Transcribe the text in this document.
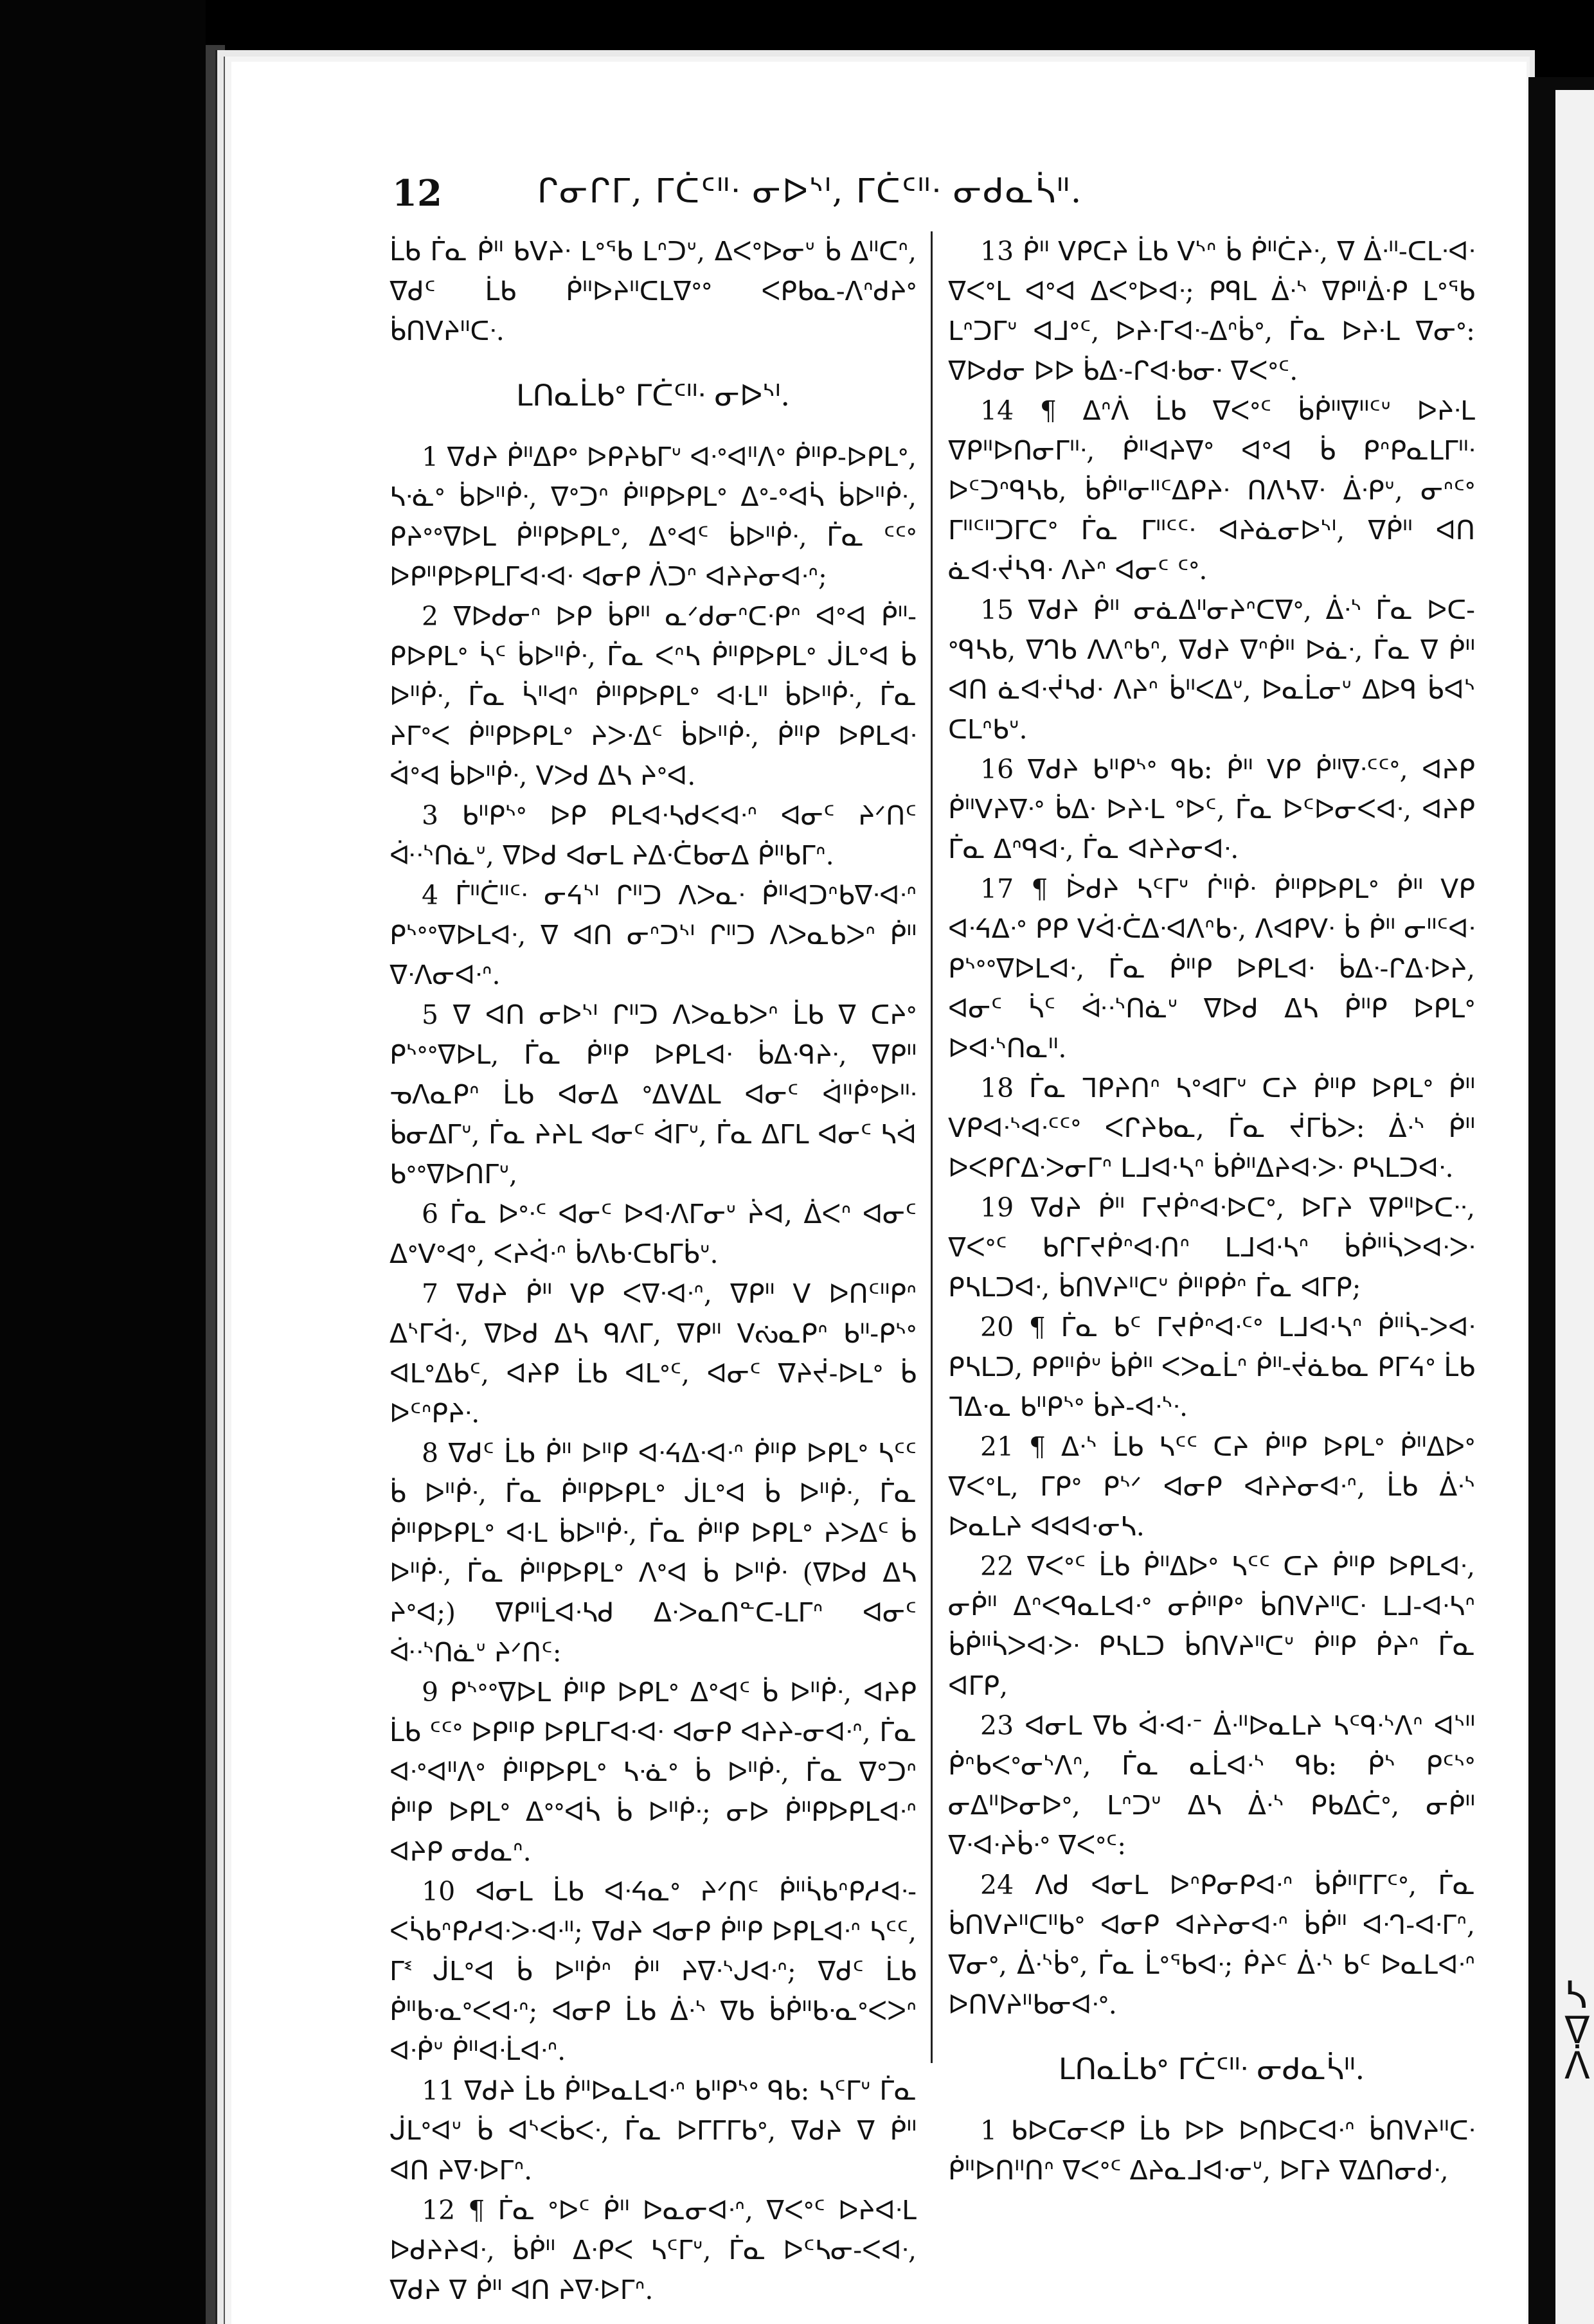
12	ᒋᓂᒋᒥ, ᒥᑖᑦᐦᐧ ᓂᐅᔅᑊ, ᒥᑖᑦᐦᐧ ᓂᑯᓇᓵᐦ.

ᒫᑲ ᒦᓇ ᑮᐦ ᑲᐯᔨᐧ ᒪᐤᖃ ᒪᐢᑐᐡ, ᐃᐸᐤᐅᓂᐡ ᑳ ᐃᐦᑕᐢ, ᐁᑯᑦ ᒫᑲ ᑮᐦᐅᔨᐦᑕᒪᐁᐤᐤ ᐸᑭᑲᓇ-ᐱᐢᑯᔨᐤ ᑳᑎᐯᔨᐦᑕᐧ.

ᒪᑎᓇᒫᑲᐤ ᒥᑖᑦᐦᐧ ᓂᐅᔅᑊ.

1 ᐁᑯᔨ ᑮᐦᐃᑭᐤ ᐅᑭᔨᑲᒥᐡ ᐊᐧᐤᐊᐦᐱᐤ ᑮᐦᑭ-ᐅᑭᒪᐤ, ᓴᐧᓈᐤ ᑳᐅᐦᑮᐧ, ᐁᐤᑐᐢ ᑮᐦᑭᐅᑭᒪᐤ ᐃᐤ-ᐤᐊᓵ ᑳᐅᐦᑮᐧ, ᑭᔨᐤᐤᐁᐅᒪ ᑮᐦᑭᐅᑭᒪᐤ, ᐃᐤᐊᑦ ᑳᐅᐦᑮᐧ, ᒦᓇ ᑦᑦᐤ ᐅᑭᐦᑭᐅᑭᒪᒥᐊᐧᐊᐧ ᐊᓂᑭ ᐲᑐᐢ ᐊᔨᔨᓂᐊᐧᐢ;

2 ᐁᐅᑯᓂᐢ ᐅᑭ ᑳᑭᐦ ᓇᐟᑯᓂᐢᑕᐧᑭᐢ ᐊᐤᐊ ᑮᐦ-ᑭᐅᑭᒪᐤ ᓵᑦ ᑳᐅᐦᑮᐧ, ᒦᓇ ᐸᐢᓴ ᑮᐦᑭᐅᑭᒪᐤ ᒎᒪᐤᐊ ᑳ ᐅᐦᑮᐧ, ᒦᓇ ᓵᐦᐊᐢ ᑮᐦᑭᐅᑭᒪᐤ ᐊᐧᒪᐦ ᑳᐅᐦᑮᐧ, ᒦᓇ ᔨᒥᐤᐸ ᑮᐦᑭᐅᑭᒪᐤ ᔨᐳᐧᐃᑦ ᑳᐅᐦᑮᐧ, ᑮᐦᑭ ᐅᑭᒪᐊᐧ ᐋᐤᐊ ᑳᐅᐦᑮᐧ, ᐯᐳᑯ ᐃᓴ ᔨᐤᐊ.

3 ᑲᐦᑭᔅᐤ ᐅᑭ ᑭᒪᐊᐧᓴᑯᐸᐊᐧᐢ ᐊᓂᑦ ᔨᐟᑎᑦ ᐚᐧᔅᑎᓈᐡ, ᐁᐅᑯ ᐊᓂᒪ ᔨᐃᐧᑖᑲᓂᐃ ᑮᐦᑲᒥᐢ.

4 ᒦᐦᑖᐦᑦᐧ ᓂᔦᔅᑊ ᒋᐦᑐ ᐱᐳᓇᐧ ᑮᐦᐊᑐᐢᑲᐁᐧᐊᐧᐢ ᑭᔅᐤᐤᐁᐅᒪᐊᐧ, ᐁ ᐊᑎ ᓂᐢᑐᔅᑊ ᒋᐦᑐ ᐱᐳᓇᑲᐳᐢ ᑮᐦ ᐁᐧᐱᓂᐊᐧᐢ.

5 ᐁ ᐊᑎ ᓂᐅᔅᑊ ᒋᐦᑐ ᐱᐳᓇᑲᐳᐢ ᒫᑲ ᐁ ᑕᔨᐤ ᑭᔅᐤᐤᐁᐅᒪ, ᒦᓇ ᑮᐦᑭ ᐅᑭᒪᐊᐧ ᑳᐃᐧᑫᔨᐧ, ᐁᑭᐦ ᓀᐱᓇᑭᐢ ᒫᑲ ᐊᓂᐃ ᐤᐃᐯᐃᒪ ᐊᓂᑦ ᐋᐦᑮᐤᐅᐦᐧ ᑳᓂᐃᒥᐡ, ᒦᓇ ᔨᔨᒪ ᐊᓂᑦ ᐋᒥᐡ, ᒦᓇ ᐃᒥᒪ ᐊᓂᑦ ᓴᐋ ᑲᐤᐤᐁᐅᑎᒥᐡ,

6 ᒦᓇ ᐅᐤᐧᑦ ᐊᓂᑦ ᐅᐊᐧᐱᒥᓂᐡ ᔩᐊ, ᐄᐸᐢ ᐊᓂᑦ ᐃᐤᐯᐤᐊᐤ, ᐸᔨᐋᐧᐢ ᑳᐱᑲᐧᑕᑲᒥᑳᐡ.

7 ᐁᑯᔨ ᑮᐦ ᐯᑭ ᐸᐁᐧᐊᐧᐢ, ᐁᑭᐦ ᐯ ᐅᑎᑦᐦᑭᐢ ᐃᔅᒥᐋᐧ, ᐁᐅᑯ ᐃᓴ ᑫᐱᒥ, ᐁᑭᐦ ᐯᔔᓇᑭᐢ ᑲᐦ-ᑭᔅᐤ ᐊᒪᐤᐃᑲᑦ, ᐊᔨᑭ ᒫᑲ ᐊᒪᐤᑦ, ᐊᓂᑦ ᐁᔨᔫ-ᐅᒪᐤ ᑳ ᐅᑦᐢᑭᔨᐧ.

8 ᐁᑯᑦ ᒫᑲ ᑮᐦ ᐅᐦᑭ ᐊᐧᔦᐃᐧᐊᐧᐢ ᑮᐦᑭ ᐅᑭᒪᐤ ᓴᑦᑦ ᑳ ᐅᐦᑮᐧ, ᒦᓇ ᑮᐦᑭᐅᑭᒪᐤ ᒎᒪᐤᐊ ᑳ ᐅᐦᑮᐧ, ᒦᓇ ᑮᐦᑭᐅᑭᒪᐤ ᐊᐧᒪ ᑳᐅᐦᑮᐧ, ᒦᓇ ᑮᐦᑭ ᐅᑭᒪᐤ ᔨᐳᐃᑦ ᑳ ᐅᐦᑮᐧ, ᒦᓇ ᑮᐦᑭᐅᑭᒪᐤ ᐱᐤᐊ ᑳ ᐅᐦᑮᐧ (ᐁᐅᑯ ᐃᓴ ᔨᐤᐊ;) ᐁᑭᐦᒫᐊᐧᓴᑯ ᐃᐧᐳᓇᑎᓐᑕ-ᒪᒥᐢ ᐊᓂᑦ ᐚᐧᔅᑎᓈᐡ ᔨᐟᑎᑦ:

9 ᑭᔅᐤᐤᐁᐅᒪ ᑮᐦᑭ ᐅᑭᒪᐤ ᐃᐤᐊᑦ ᑳ ᐅᐦᑮᐧ, ᐊᔨᑭ ᒫᑲ ᑦᑦᐤ ᐅᑭᐦᑭ ᐅᑭᒪᒥᐊᐧᐊᐧ ᐊᓂᑭ ᐊᔨᔨ-ᓂᐊᐧᐢ, ᒦᓇ ᐊᐧᐤᐊᐦᐱᐤ ᑮᐦᑭᐅᑭᒪᐤ ᓴᐧᓈᐤ ᑳ ᐅᐦᑮᐧ, ᒦᓇ ᐁᐤᑐᐢ ᑮᐦᑭ ᐅᑭᒪᐤ ᐃᐤᐤᐊᓵ ᑳ ᐅᐦᑮᐧ; ᓂᐅ ᑮᐦᑭᐅᑭᒪᐊᐧᐢ ᐊᔨᑭ ᓂᑯᓇᐢ.

10 ᐊᓂᒪ ᒫᑲ ᐊᐧᔦᓇᐤ ᔨᐟᑎᑦ ᑮᐦᓵᑲᐢᑭᓱᐊᐧ-ᐸᓵᑲᐢᑭᓱᐊᐧᐳᐧᐊᐧᐦ; ᐁᑯᔨ ᐊᓂᑭ ᑮᐦᑭ ᐅᑭᒪᐊᐧᐢ ᓴᑦᑦ, ᒥᓫ ᒎᒪᐤᐊ ᑳ ᐅᐦᑮᐢ ᑮᐦ ᔨᐁᐧᔅᒍᐊᐧᐢ; ᐁᑯᑦ ᒫᑲ ᑮᐦᑲᐧᓇᐤᐸᐊᐧᐢ; ᐊᓂᑭ ᒫᑲ ᐄᐧᔅ ᐁᑲ ᑳᑮᐦᑲᐧᓇᐤᐸᐳᐢ ᐊᐧᑮᐡ ᑮᐦᐊᐧᒫᐊᐧᐢ.

11 ᐁᑯᔨ ᒫᑲ ᑮᐦᐅᓇᒪᐊᐧᐢ ᑲᐦᑭᔅᐤ ᑫᑲ: ᓴᑦᒥᐡ ᒦᓇ ᒎᒪᐤᐊᐡ ᑳ ᐊᔅᐸᑳᐸᐧ, ᒦᓇ ᐅᒥᒥᒥᑲᐤ, ᐁᑯᔨ ᐁ ᑮᐦ ᐊᑎ ᔨᐁᐧᐅᒥᐢ.

12 ¶ ᒦᓇ ᐤᐅᑦ ᑮᐦ ᐅᓇᓂᐊᐧᐢ, ᐁᐸᐤᑦ ᐅᔨᐊᐧᒪ ᐅᑯᔨᔨᐊᐧ, ᑳᑮᐦ ᐃᐧᑭᐸ ᓴᑦᒥᐡ, ᒦᓇ ᐅᑦᓴᓂ-ᐸᐊᐧ, ᐁᑯᔨ ᐁ ᑮᐦ ᐊᑎ ᔨᐁᐧᐅᒥᐢ.

13 ᑮᐦ ᐯᑭᑕᔨ ᒫᑲ ᐯᔅᐢ ᑳ ᑮᐦᑖᔨᐧ, ᐁ ᐄᐧᐦ-ᑕᒪᐧᐊᐧ ᐁᐸᐤᒪ ᐊᐤᐊ ᐃᐸᐤᐅᐊᐧ; ᑭᑫᒪ ᐄᐧᔅ ᐁᑭᐦᐄᐧᑭ ᒪᐤᖃ ᒪᐢᑐᒥᐡ ᐊᒧᐤᑦ, ᐅᔨᐧᒥᐊᐧ-ᐃᐢᑳᐤ, ᒦᓇ ᐅᔨᐧᒪ ᐁᓂᐤ: ᐁᐅᑯᓂ ᐅᐅ ᑳᐃᐧ-ᒋᐊᐧᑲᓂᐧ ᐁᐸᐤᑦ.

14 ¶ ᐃᐢᐲ ᒫᑲ ᐁᐸᐤᑦ ᑳᑮᐦᐁᐦᑦᐡ ᐅᔨᐧᒪ ᐁᑭᐦᐅᑎᓂᒥᐦᐧ, ᑮᐦᐊᔨᐁᐤ ᐊᐤᐊ ᑳ ᑭᐢᑭᓇᒪᒥᐦᐧ ᐅᑦᑐᐢᑫᓴᑲ, ᑳᑮᐦᓂᐦᑦᐃᑭᔨᐧ ᑎᐱᓴᐁᐧ ᐄᐧᑭᐡ, ᓂᐢᑦᐤ ᒥᐦᑦᐦᑐᒥᑕᐤ ᒦᓇ ᒥᐦᑦᑦᐧ ᐊᔨᓈᓂᐅᔅᑊ, ᐁᑮᐦ ᐊᑎ ᓈᐊᐧᔫᓴᑫᐧ ᐱᔨᐢ ᐊᓂᑦ ᑦᐤ.

15 ᐁᑯᔨ ᑮᐦ ᓂᓈᐃᐦᓂᔨᐢᑕᐁᐤ, ᐄᐧᔅ ᒦᓇ ᐅᑕ-ᐤᑫᓴᑲ, ᐁᒉᑲ ᐱᐱᐢᑲᐢ, ᐁᑯᔨ ᐁᐢᑮᐦ ᐅᓈᐧ, ᒦᓇ ᐁ ᑮᐦ ᐊᑎ ᓈᐊᐧᔫᓴᑯᐧ ᐱᔨᐢ ᑳᐦᐸᐃᐡ, ᐅᓇᒫᓂᐡ ᐃᐅᑫ ᑳᐊᔅ ᑕᒪᐢᑲᐡ.

16 ᐁᑯᔨ ᑲᐦᑭᔅᐤ ᑫᑲ: ᑮᐦ ᐯᑭ ᑮᐦᐁᐧᑦᑦᐤ, ᐊᔨᑭ ᑮᐦᐯᔨᐁᐧᐤ ᑳᐃᐧ ᐅᔨᐧᒪ ᐤᐅᑦ, ᒦᓇ ᐅᑦᐅᓂᐸᐊᐧ, ᐊᔨᑭ ᒦᓇ ᐃᐢᑫᐊᐧ, ᒦᓇ ᐊᔨᔨᓂᐊᐧ.

17 ¶ ᐆᑯᔨ ᓴᑦᒥᐡ ᒌᐦᑮᐧ ᑮᐦᑭᐅᑭᒪᐤ ᑮᐦ ᐯᑭ ᐊᐧᔦᐃᐧᐤ ᑭᑭ ᐯᐋᐧᑖᐃᐧᐊᐱᐢᑲᐧ, ᐱᐊᑭᐯᐧ ᑳ ᑮᐦ ᓂᐦᑦᐊᐧ ᑭᔅᐤᐤᐁᐅᒪᐊᐧ, ᒦᓇ ᑮᐦᑭ ᐅᑭᒪᐊᐧ ᑳᐃᐧ-ᒋᐃᐧᐅᔨ, ᐊᓂᑦ ᓵᑦ ᐚᐧᔅᑎᓈᐡ ᐁᐅᑯ ᐃᓴ ᑮᐦᑭ ᐅᑭᒪᐤ ᐅᐊᐧᔅᑎᓇᐦ.

18 ᒦᓇ ᒣᑭᔨᑎᐢ ᓴᐤᐊᒥᐡ ᑕᔨ ᑮᐦᑭ ᐅᑭᒪᐤ ᑮᐦ ᐯᑭᐊᐧᔅᐊᐧᑦᑦᐤ ᐸᒋᔨᑲᓇ, ᒦᓇ ᔫᒥᑳᐳ: ᐄᐧᔅ ᑮᐦ ᐅᐸᑭᒋᐃᐧᐳᓂᒥᐢ ᒪᒧᐊᐧᓴᐢ ᑳᑮᐦᐃᔨᐊᐧᐳᐧ ᑭᓴᒪᑐᐊᐧ.

19 ᐁᑯᔨ ᑮᐦ ᒥᔪᑮᐢᐊᐧᐅᑕᐤ, ᐅᒥᔨ ᐁᑭᐦᐅᑕᐧᐧ, ᐁᐸᐤᑦ ᑲᒋᒥᔪᑮᐢᐊᐧᑎᐢ ᒪᒧᐊᐧᓴᐢ ᑳᑮᐦᓵᐳᐊᐧᐳᐧ ᑭᓴᒪᑐᐊᐧ, ᑳᑎᐯᔨᐦᑕᐡ ᑮᐦᑭᑮᐢ ᒦᓇ ᐊᒥᑭ;

20 ¶ ᒦᓇ ᑲᑦ ᒥᔪᑮᐢᐊᐧᑦᐤ ᒪᒧᐊᐧᓴᐢ ᑮᐦᓵ-ᐳᐊᐧ ᑭᓴᒪᑐ, ᑭᑭᐦᑮᐡ ᑳᑮᐦ ᐸᐳᓇᒫᐢ ᑮᐦ-ᔫᓈᑲᓇ ᑭᒥᔦᐤ ᒫᑲ ᒣᐃᐧᓇ ᑲᐦᑭᔅᐤ ᑳᔨ-ᐊᐧᔅᐧ.

21 ¶ ᐃᐧᔅ ᒫᑲ ᓴᑦᑦ ᑕᔨ ᑮᐦᑭ ᐅᑭᒪᐤ ᑮᐦᐃᐅᐤ ᐁᐸᐤᒪ, ᒥᑭᐤ ᑭᔅᐟ ᐊᓂᑭ ᐊᔨᔨᓂᐊᐧᐢ, ᒫᑲ ᐄᐧᔅ ᐅᓇᒪᔨ ᐊᐊᐊᐧᓂᓴ.

22 ᐁᐸᐤᑦ ᒫᑲ ᑮᐦᐃᐅᐤ ᓴᑦᑦ ᑕᔨ ᑮᐦᑭ ᐅᑭᒪᐊᐧ, ᓂᑮᐦ ᐃᐢᐸᑫᓇᒪᐊᐧᐤ ᓂᑮᐦᑭᐤ ᑳᑎᐯᔨᐦᑕᐧ ᒪᒧ-ᐊᐧᓴᐢ ᑳᑮᐦᓵᐳᐊᐧᐳᐧ ᑭᓴᒪᑐ ᑳᑎᐯᔨᐦᑕᐡ ᑮᐦᑭ ᑮᔨᐢ ᒦᓇ ᐊᒥᑭ,

23 ᐊᓂᒪ ᐁᑲ ᐋᐧᐊᐧᐨ ᐄᐧᐦᐅᓇᒪᔨ ᓴᑦᑫᐧᔅᐱᐢ ᐊᔅᐦ ᑮᐢᑲᐸᐤᓂᔅᐱᐢ, ᒦᓇ ᓇᒫᐊᐧᔅ ᑫᑲ: ᑮᔅ ᑭᑦᔅᐤ ᓂᐃᐦᐅᓂᐅᐤ, ᒪᐢᑐᐡ ᐃᓴ ᐄᐧᔅ ᑭᑲᐃᑖᐤ, ᓂᑮᐦ ᐁᐧᐊᐧᔨᑳᐧᐤ ᐁᐸᐤᑦ:

24 ᐱᑯ ᐊᓂᒪ ᐅᐢᑭᓂᑭᐊᐧᐢ ᑳᑮᐦᒥᒥᑦᐤ, ᒦᓇ ᑳᑎᐯᔨᐦᑕᐦᑲᐤ ᐊᓂᑭ ᐊᔨᔨᓂᐊᐧᐢ ᑳᑮᐦ ᐊᐧᒉ-ᐊᐧᒥᐢ, ᐁᓂᐤ, ᐄᐧᔅᑳᐤ, ᒦᓇ ᒫᐤᖃᐊᐧ; ᑮᔨᑦ ᐄᐧᔅ ᑲᑦ ᐅᓇᒪᐊᐧᐢ ᐅᑎᐯᔨᐦᑲᓂᐊᐧᐤ.

ᒪᑎᓇᒫᑲᐤ ᒥᑖᑦᐦᐧ ᓂᑯᓇᓵᐦ.

1 ᑲᐅᑕᓂᐸᑭ ᒫᑲ ᐅᐅ ᐅᑎᐅᑕᐊᐧᐢ ᑳᑎᐯᔨᐦᑕᐧ ᑮᐦᐅᑎᐦᑎᐢ ᐁᐸᐤᑦ ᐃᔨᓇᒧᐊᐧᓂᐡ, ᐅᒥᔨ ᐁᐃᑎᓂᑯᐧ,

ᓴ
ᐁ
ᐲ
